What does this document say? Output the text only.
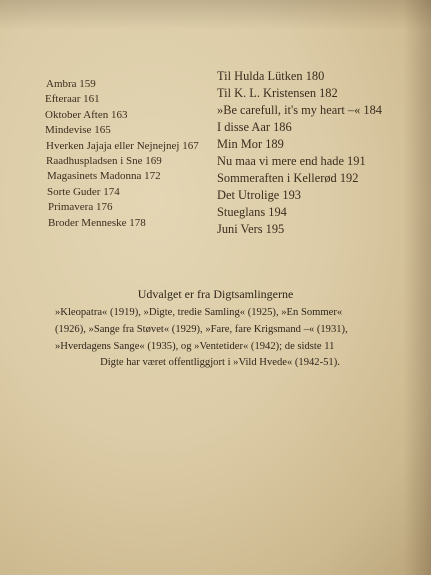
Ambra 159
Efteraar 161
Oktober Aften 163
Mindevise 165
Hverken Jajaja eller Nejnejnej 167
Raadhuspladsen i Sne 169
Magasinets Madonna 172
Sorte Guder 174
Primavera 176
Broder Menneske 178
Til Hulda Lütken 180
Til K. L. Kristensen 182
»Be carefull, it's my heart –« 184
I disse Aar 186
Min Mor 189
Nu maa vi mere end hade 191
Sommeraften i Kellerød 192
Det Utrolige 193
Stueglans 194
Juni Vers 195
Udvalget er fra Digtsamlingerne
»Kleopatra« (1919), »Digte, tredie Samling« (1925), »En Sommer«
(1926), »Sange fra Støvet« (1929), »Fare, fare Krigsmand –« (1931),
»Hverdagens Sange« (1935), og »Ventetider« (1942); de sidste 11
Digte har været offentliggjort i »Vild Hvede« (1942-51).
